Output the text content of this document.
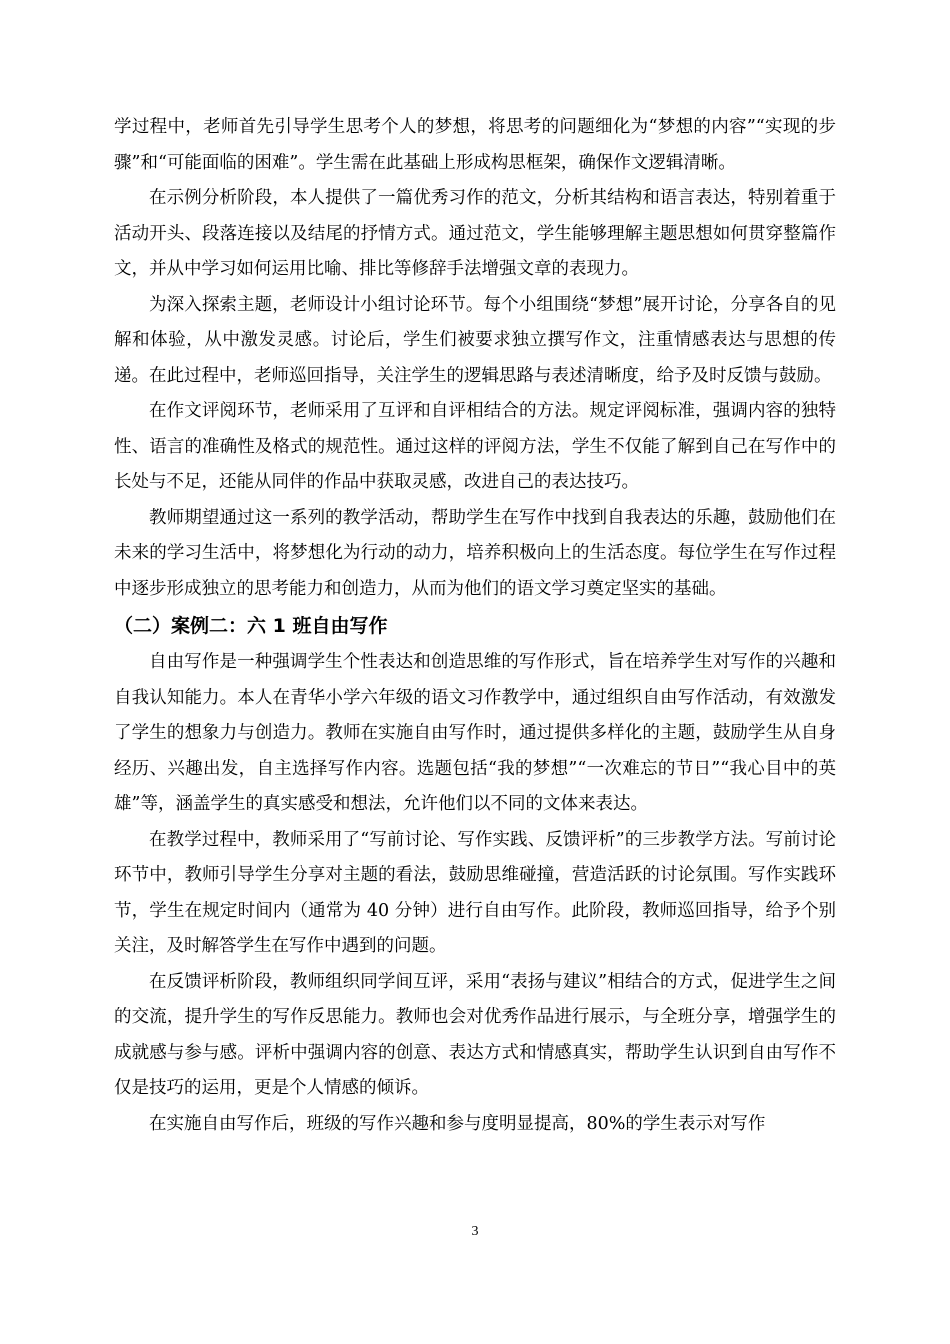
学过程中，老师首先引导学生思考个人的梦想，将思考的问题细化为“梦想的内容”“实现的步骤”和“可能面临的困难”。学生需在此基础上形成构思框架，确保作文逻辑清晰。

在示例分析阶段，本人提供了一篇优秀习作的范文，分析其结构和语言表达，特别着重于活动开头、段落连接以及结尾的抒情方式。通过范文，学生能够理解主题思想如何贯穿整篇作文，并从中学习如何运用比喻、排比等修辞手法增强文章的表现力。

为深入探索主题，老师设计小组讨论环节。每个小组围绕“梦想”展开讨论，分享各自的见解和体验，从中激发灵感。讨论后，学生们被要求独立撰写作文，注重情感表达与思想的传递。在此过程中，老师巡回指导，关注学生的逻辑思路与表述清晰度，给予及时反馈与鼓励。

在作文评阅环节，老师采用了互评和自评相结合的方法。规定评阅标准，强调内容的独特性、语言的准确性及格式的规范性。通过这样的评阅方法，学生不仅能了解到自己在写作中的长处与不足，还能从同伴的作品中获取灵感，改进自己的表达技巧。

教师期望通过这一系列的教学活动，帮助学生在写作中找到自我表达的乐趣，鼓励他们在未来的学习生活中，将梦想化为行动的动力，培养积极向上的生活态度。每位学生在写作过程中逐步形成独立的思考能力和创造力，从而为他们的语文学习奠定坚实的基础。

（二）案例二：六 1 班自由写作

自由写作是一种强调学生个性表达和创造思维的写作形式，旨在培养学生对写作的兴趣和自我认知能力。本人在青华小学六年级的语文习作教学中，通过组织自由写作活动，有效激发了学生的想象力与创造力。教师在实施自由写作时，通过提供多样化的主题，鼓励学生从自身经历、兴趣出发，自主选择写作内容。选题包括“我的梦想”“一次难忘的节日”“我心目中的英雄”等，涵盖学生的真实感受和想法，允许他们以不同的文体来表达。

在教学过程中，教师采用了“写前讨论、写作实践、反馈评析”的三步教学方法。写前讨论环节中，教师引导学生分享对主题的看法，鼓励思维碰撞，营造活跃的讨论氛围。写作实践环节，学生在规定时间内（通常为 40 分钟）进行自由写作。此阶段，教师巡回指导，给予个别关注，及时解答学生在写作中遇到的问题。

在反馈评析阶段，教师组织同学间互评，采用“表扬与建议”相结合的方式，促进学生之间的交流，提升学生的写作反思能力。教师也会对优秀作品进行展示，与全班分享，增强学生的成就感与参与感。评析中强调内容的创意、表达方式和情感真实，帮助学生认识到自由写作不仅是技巧的运用，更是个人情感的倾诉。

在实施自由写作后，班级的写作兴趣和参与度明显提高，80%的学生表示对写作

3
